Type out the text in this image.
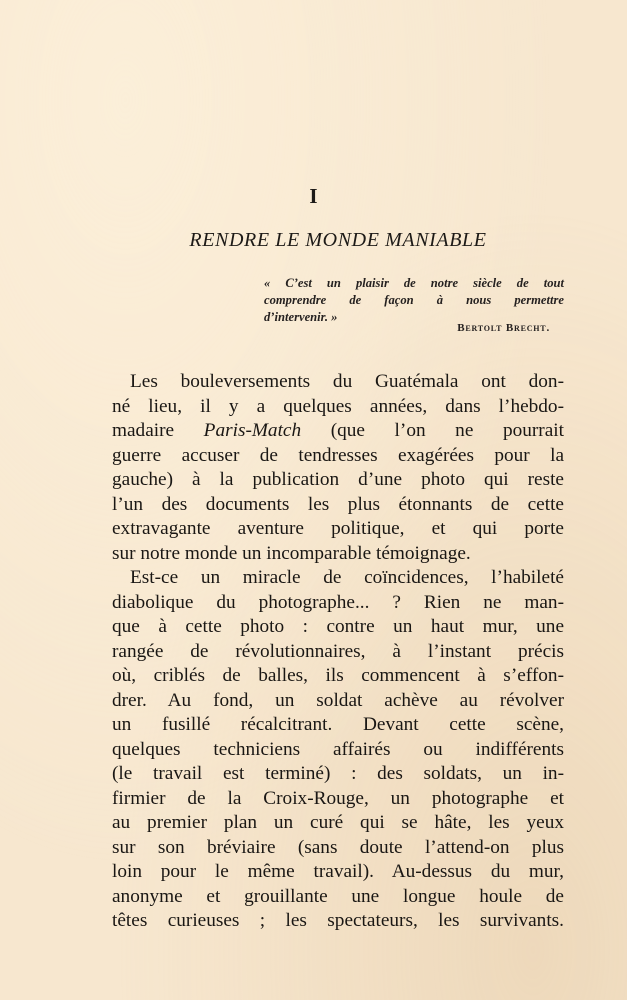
I
RENDRE LE MONDE MANIABLE
« C’est un plaisir de notre siècle de tout
comprendre de façon à nous permettre
d’intervenir. »
Bertolt Brecht.
Les bouleversements du Guatémala ont don-
né lieu, il y a quelques années, dans l’hebdo-
madaire Paris-Match (que l’on ne pourrait
guerre accuser de tendresses exagérées pour la
gauche) à la publication d’une photo qui reste
l’un des documents les plus étonnants de cette
extravagante aventure politique, et qui porte
sur notre monde un incomparable témoignage.
Est-ce un miracle de coïncidences, l’habileté
diabolique du photographe... ? Rien ne man-
que à cette photo : contre un haut mur, une
rangée de révolutionnaires, à l’instant précis
où, criblés de balles, ils commencent à s’effon-
drer. Au fond, un soldat achève au révolver
un fusillé récalcitrant. Devant cette scène,
quelques techniciens affairés ou indifférents
(le travail est terminé) : des soldats, un in-
firmier de la Croix-Rouge, un photographe et
au premier plan un curé qui se hâte, les yeux
sur son bréviaire (sans doute l’attend-on plus
loin pour le même travail). Au-dessus du mur,
anonyme et grouillante une longue houle de
têtes curieuses ; les spectateurs, les survivants.
